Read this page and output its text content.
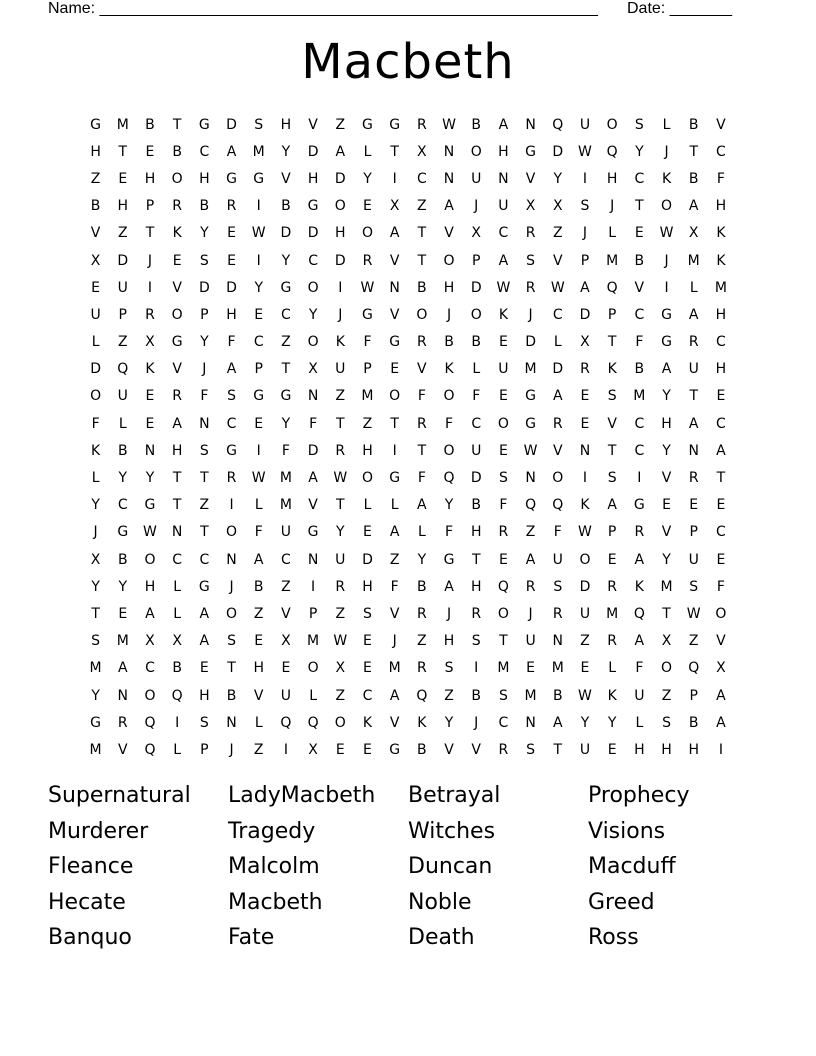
Name: ________________________________________________________ Date: _______
Macbeth
G	M	B	T	G	D	S	H	V	Z	G	G	R	W	B	A	N	Q	U	O	S	L	B	V
H	T	E	B	C	A	M	Y	D	A	L	T	X	N	O	H	G	D	W	Q	Y	J	T	C
Z	E	H	O	H	G	G	V	H	D	Y	I	C	N	U	N	V	Y	I	H	C	K	B	F
B	H	P	R	B	R	I	B	G	O	E	X	Z	A	J	U	X	X	S	J	T	O	A	H
V	Z	T	K	Y	E	W	D	D	H	O	A	T	V	X	C	R	Z	J	L	E	W	X	K
X	D	J	E	S	E	I	Y	C	D	R	V	T	O	P	A	S	V	P	M	B	J	M	K
E	U	I	V	D	D	Y	G	O	I	W	N	B	H	D	W	R	W	A	Q	V	I	L	M
U	P	R	O	P	H	E	C	Y	J	G	V	O	J	O	K	J	C	D	P	C	G	A	H
L	Z	X	G	Y	F	C	Z	O	K	F	G	R	B	B	E	D	L	X	T	F	G	R	C
D	Q	K	V	J	A	P	T	X	U	P	E	V	K	L	U	M	D	R	K	B	A	U	H
O	U	E	R	F	S	G	G	N	Z	M	O	F	O	F	E	G	A	E	S	M	Y	T	E
F	L	E	A	N	C	E	Y	F	T	Z	T	R	F	C	O	G	R	E	V	C	H	A	C
K	B	N	H	S	G	I	F	D	R	H	I	T	O	U	E	W	V	N	T	C	Y	N	A
L	Y	Y	T	T	R	W	M	A	W	O	G	F	Q	D	S	N	O	I	S	I	V	R	T
Y	C	G	T	Z	I	L	M	V	T	L	L	A	Y	B	F	Q	Q	K	A	G	E	E	E
J	G	W	N	T	O	F	U	G	Y	E	A	L	F	H	R	Z	F	W	P	R	V	P	C
X	B	O	C	C	N	A	C	N	U	D	Z	Y	G	T	E	A	U	O	E	A	Y	U	E
Y	Y	H	L	G	J	B	Z	I	R	H	F	B	A	H	Q	R	S	D	R	K	M	S	F
T	E	A	L	A	O	Z	V	P	Z	S	V	R	J	R	O	J	R	U	M	Q	T	W	O
S	M	X	X	A	S	E	X	M	W	E	J	Z	H	S	T	U	N	Z	R	A	X	Z	V
M	A	C	B	E	T	H	E	O	X	E	M	R	S	I	M	E	M	E	L	F	O	Q	X
Y	N	O	Q	H	B	V	U	L	Z	C	A	Q	Z	B	S	M	B	W	K	U	Z	P	A
G	R	Q	I	S	N	L	Q	Q	O	K	V	K	Y	J	C	N	A	Y	Y	L	S	B	A
M	V	Q	L	P	J	Z	I	X	E	E	G	B	V	V	R	S	T	U	E	H	H	H	I
Supernatural	LadyMacbeth	Betrayal	Prophecy
Murderer	Tragedy	Witches	Visions
Fleance	Malcolm	Duncan	Macduff
Hecate	Macbeth	Noble	Greed
Banquo	Fate	Death	Ross
